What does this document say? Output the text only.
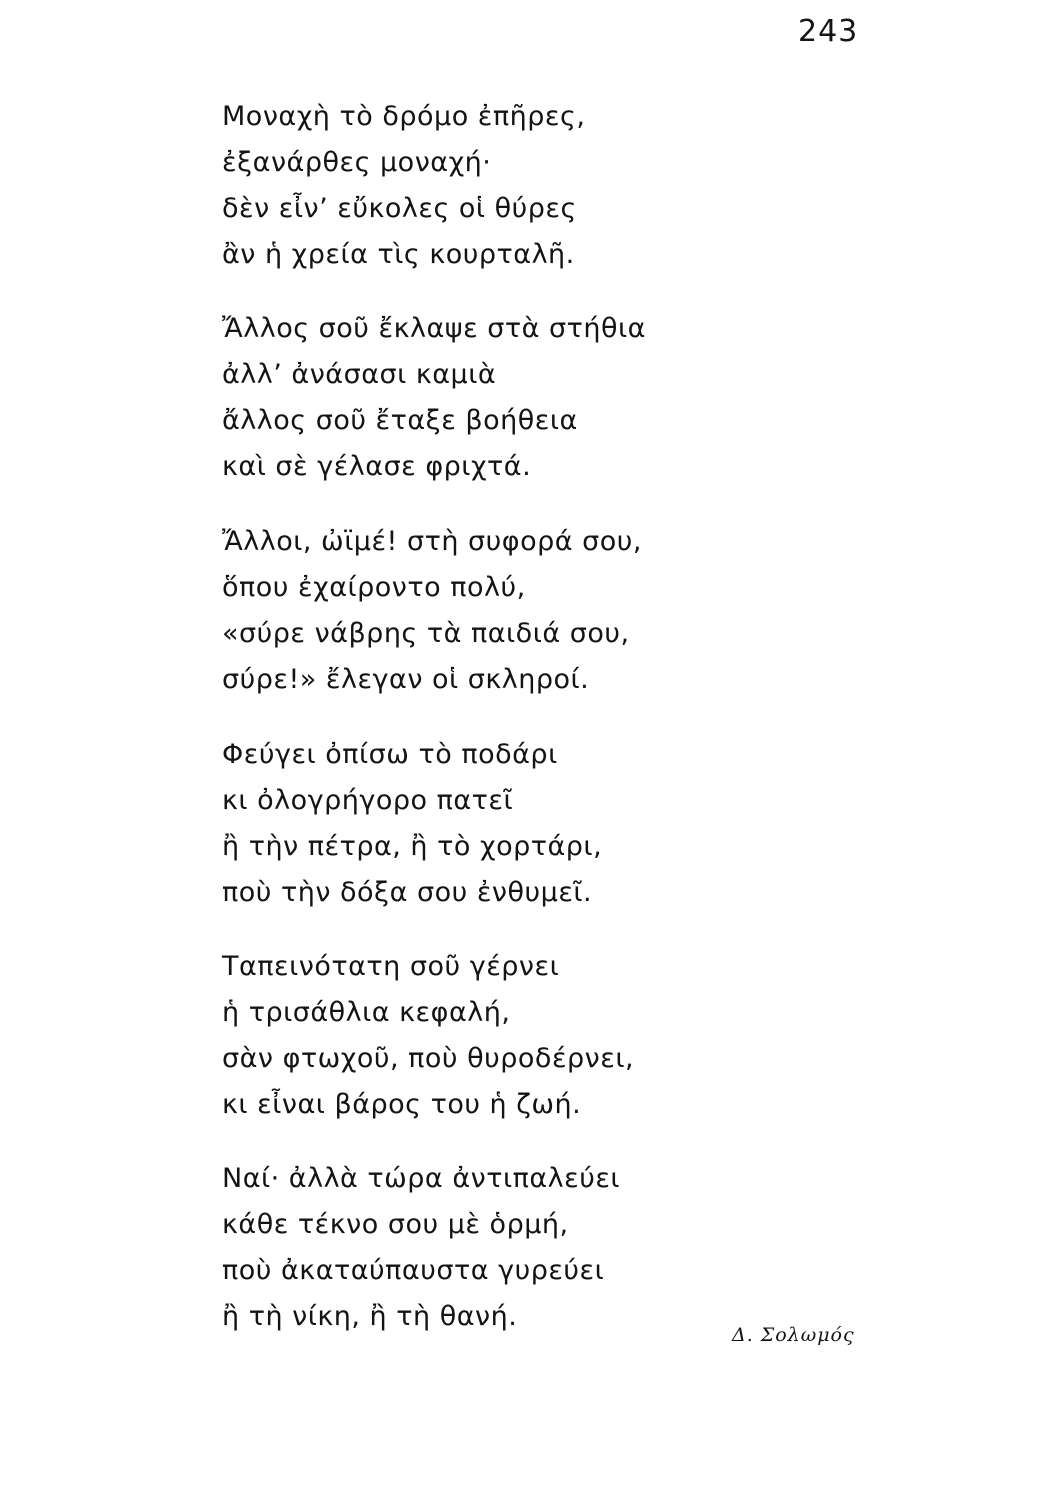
243
Μοναχὴ τὸ δρόμο ἐπῆρες,
ἐξανάρθες μοναχή·
δὲν εἶν’ εὔκολες οἱ θύρες
ἂν ἡ χρεία τὶς κουρταλῆ.
Ἄλλος σοῦ ἔκλαψε στὰ στήθια
ἀλλ’ ἀνάσασι καμιὰ
ἄλλος σοῦ ἔταξε βοήθεια
καὶ σὲ γέλασε φριχτά.
Ἄλλοι, ὠϊμέ! στὴ συφορά σου,
ὅπου ἐχαίροντο πολύ,
«σύρε νάβρης τὰ παιδιά σου,
σύρε!» ἔλεγαν οἱ σκληροί.
Φεύγει ὀπίσω τὸ ποδάρι
κι ὀλογρήγορο πατεῖ
ἢ τὴν πέτρα, ἢ τὸ χορτάρι,
ποὺ τὴν δόξα σου ἐνθυμεῖ.
Ταπεινότατη σοῦ γέρνει
ἡ τρισάθλια κεφαλή,
σὰν φτωχοῦ, ποὺ θυροδέρνει,
κι εἶναι βάρος του ἡ ζωή.
Ναί· ἀλλὰ τώρα ἀντιπαλεύει
κάθε τέκνο σου μὲ ὁρμή,
ποὺ ἀκαταύπαυστα γυρεύει
ἢ τὴ νίκη, ἢ τὴ θανή.
Δ. Σολωμός
